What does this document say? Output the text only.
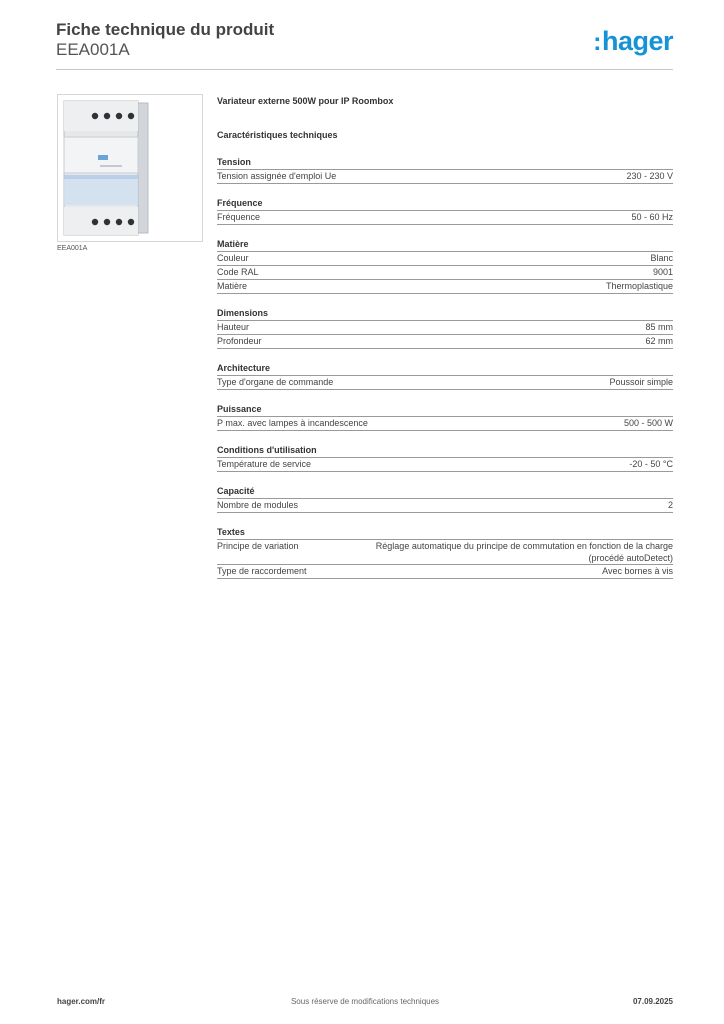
Fiche technique du produit
EEA001A	:hager
EEA001A
Variateur externe 500W pour IP Roombox
Caractéristiques techniques
Tension
Tension assignée d'emploi Ue	230 - 230 V
Fréquence
Fréquence	50 - 60 Hz
Matière
Couleur	Blanc
Code RAL	9001
Matière	Thermoplastique
Dimensions
Hauteur	85 mm
Profondeur	62 mm
Architecture
Type d'organe de commande	Poussoir simple
Puissance
P max. avec lampes à incandescence	500 - 500 W
Conditions d'utilisation
Température de service	-20 - 50 °C
Capacité
Nombre de modules	2
Textes
Principe de variation	Réglage automatique du principe de commutation en fonction de la charge (procédé autoDetect)
Type de raccordement	Avec bornes à vis
hager.com/fr	Sous réserve de modifications techniques	07.09.2025
